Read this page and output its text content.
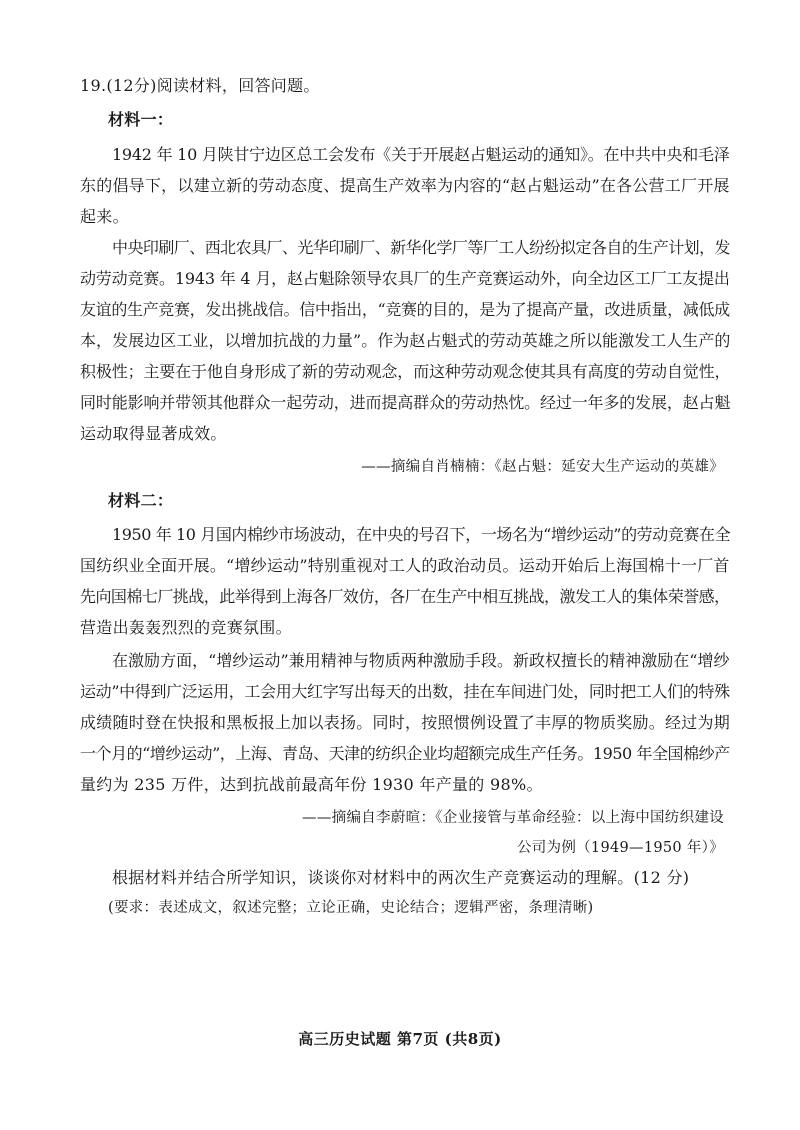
19.(12分)阅读材料，回答问题。

材料一：

1942 年 10 月陕甘宁边区总工会发布《关于开展赵占魁运动的通知》。在中共中央和毛泽

东的倡导下，以建立新的劳动态度、提高生产效率为内容的“赵占魁运动”在各公营工厂开展

起来。

中央印刷厂、西北农具厂、光华印刷厂、新华化学厂等厂工人纷纷拟定各自的生产计划，发

动劳动竞赛。1943 年 4 月，赵占魁除领导农具厂的生产竞赛运动外，向全边区工厂工友提出

友谊的生产竞赛，发出挑战信。信中指出，“竞赛的目的，是为了提高产量，改进质量，减低成

本，发展边区工业，以增加抗战的力量”。作为赵占魁式的劳动英雄之所以能激发工人生产的

积极性；主要在于他自身形成了新的劳动观念，而这种劳动观念使其具有高度的劳动自觉性，

同时能影响并带领其他群众一起劳动，进而提高群众的劳动热忱。经过一年多的发展，赵占魁

运动取得显著成效。

——摘编自肖楠楠：《赵占魁：延安大生产运动的英雄》

材料二：

1950 年 10 月国内棉纱市场波动，在中央的号召下，一场名为“增纱运动”的劳动竞赛在全

国纺织业全面开展。“增纱运动”特别重视对工人的政治动员。运动开始后上海国棉十一厂首

先向国棉七厂挑战，此举得到上海各厂效仿，各厂在生产中相互挑战，激发工人的集体荣誉感，

营造出轰轰烈烈的竞赛氛围。

在激励方面，“增纱运动”兼用精神与物质两种激励手段。新政权擅长的精神激励在“增纱

运动”中得到广泛运用，工会用大红字写出每天的出数，挂在车间进门处，同时把工人们的特殊

成绩随时登在快报和黑板报上加以表扬。同时，按照惯例设置了丰厚的物质奖励。经过为期

一个月的“增纱运动”，上海、青岛、天津的纺织企业均超额完成生产任务。1950 年全国棉纱产

量约为 235 万件，达到抗战前最高年份 1930 年产量的 98%。

——摘编自李蔚暄：《企业接管与革命经验：以上海中国纺织建设

公司为例（1949—1950 年）》

根据材料并结合所学知识，谈谈你对材料中的两次生产竞赛运动的理解。(12 分)

(要求：表述成文，叙述完整；立论正确，史论结合；逻辑严密，条理清晰)

高三历史试题 第7页 (共8页)
